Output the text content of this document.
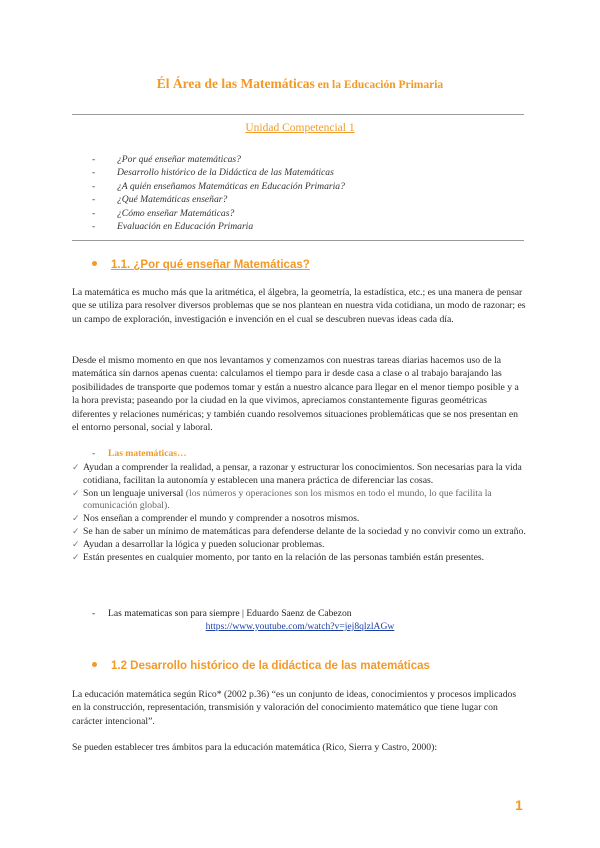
Él Área de las Matemáticas en la Educación Primaria
Unidad Competencial 1
- ¿Por qué enseñar matemáticas?
- Desarrollo histórico de la Didáctica de las Matemáticas
- ¿A quién enseñamos Matemáticas en Educación Primaria?
- ¿Qué Matemáticas enseñar?
- ¿Cómo enseñar Matemáticas?
- Evaluación en Educación Primaria
1.1. ¿Por qué enseñar Matemáticas?
La matemática es mucho más que la aritmética, el álgebra, la geometría, la estadística, etc.; es una manera de pensar que se utiliza para resolver diversos problemas que se nos plantean en nuestra vida cotidiana, un modo de razonar; es un campo de exploración, investigación e invención en el cual se descubren nuevas ideas cada día.
Desde el mismo momento en que nos levantamos y comenzamos con nuestras tareas diarias hacemos uso de la matemática sin darnos apenas cuenta: calculamos el tiempo para ir desde casa a clase o al trabajo barajando las posibilidades de transporte que podemos tomar y están a nuestro alcance para llegar en el menor tiempo posible y a la hora prevista; paseando por la ciudad en la que vivimos, apreciamos constantemente figuras geométricas diferentes y relaciones numéricas; y también cuando resolvemos situaciones problemáticas que se nos presentan en el entorno personal, social y laboral.
- Las matemáticas…
✓ Ayudan a comprender la realidad, a pensar, a razonar y estructurar los conocimientos. Son necesarias para la vida cotidiana, facilitan la autonomía y establecen una manera práctica de diferenciar las cosas.
✓ Son un lenguaje universal (los números y operaciones son los mismos en todo el mundo, lo que facilita la comunicación global).
✓ Nos enseñan a comprender el mundo y comprender a nosotros mismos.
✓ Se han de saber un mínimo de matemáticas para defenderse delante de la sociedad y no convivir como un extraño.
✓ Ayudan a desarrollar la lógica y pueden solucionar problemas.
✓ Están presentes en cualquier momento, por tanto en la relación de las personas también están presentes.
- Las matematicas son para siempre | Eduardo Saenz de Cabezon
https://www.youtube.com/watch?v=jej8qlzlAGw
1.2 Desarrollo histórico de la didáctica de las matemáticas
La educación matemática según Rico* (2002 p.36) “es un conjunto de ideas, conocimientos y procesos implicados en la construcción, representación, transmisión y valoración del conocimiento matemático que tiene lugar con carácter intencional”.
Se pueden establecer tres ámbitos para la educación matemática (Rico, Sierra y Castro, 2000):
1
